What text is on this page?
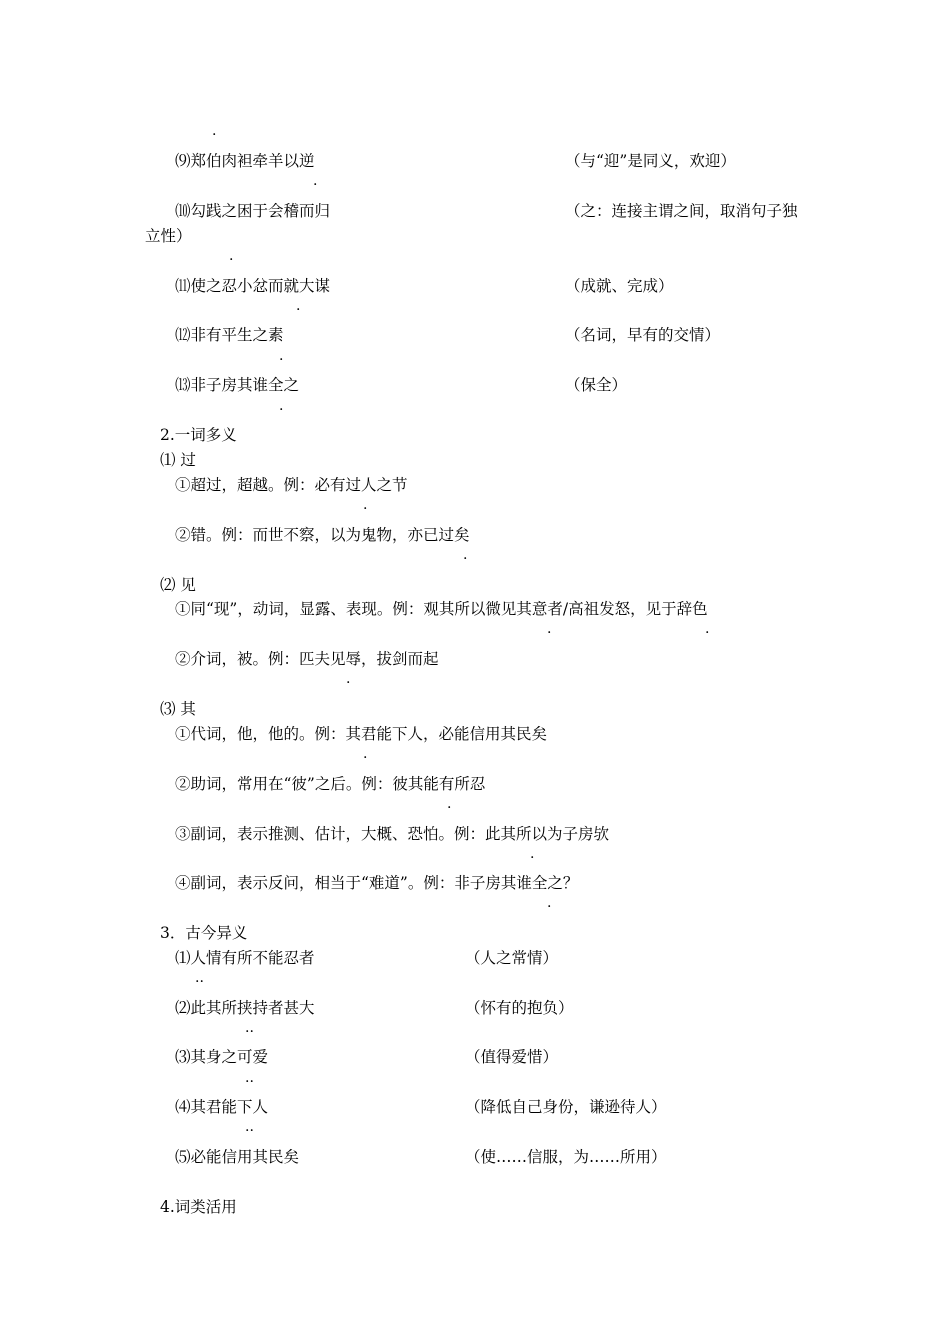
.
⑼郑伯肉袒牵羊以逆	（与“迎”是同义，欢迎）
.
⑽勾践之困于会稽而归	（之：连接主谓之间，取消句子独
立性）
.
⑾使之忍小忿而就大谋	（成就、完成）
.
⑿非有平生之素	（名词，早有的交情）
.
⒀非子房其谁全之	（保全）
.
2.一词多义
⑴ 过
①超过，超越。例：必有过人之节
.
②错。例：而世不察，以为鬼物，亦已过矣
.
⑵ 见
①同“现”，动词，显露、表现。例：观其所以微见其意者/高祖发怒，见于辞色
.	.
②介词，被。例：匹夫见辱，拔剑而起
.
⑶ 其
①代词，他，他的。例：其君能下人，必能信用其民矣
.
②助词，常用在“彼”之后。例：彼其能有所忍
.
③副词，表示推测、估计，大概、恐怕。例：此其所以为子房欤
.
④副词，表示反问，相当于“难道”。例：非子房其谁全之？
.
3．古今异义
⑴人情有所不能忍者	（人之常情）
..
⑵此其所挟持者甚大	（怀有的抱负）
..
⑶其身之可爱	（值得爱惜）
..
⑷其君能下人	（降低自己身份，谦逊待人）
..
⑸必能信用其民矣	（使……信服，为……所用）
4.词类活用
